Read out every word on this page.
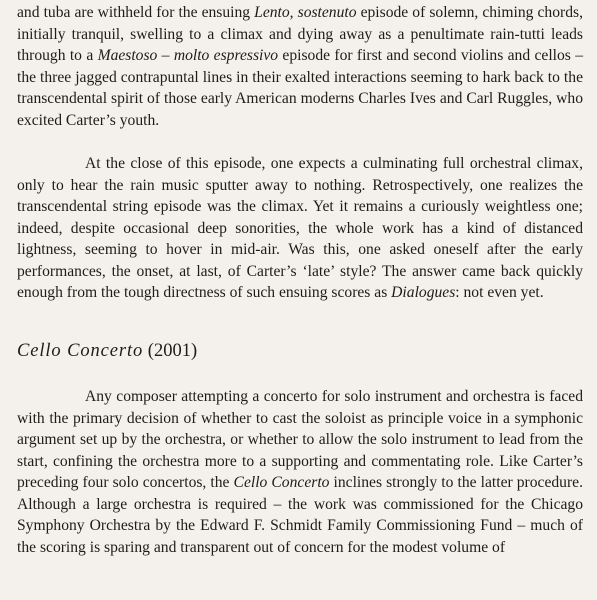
and tuba are withheld for the ensuing Lento, sostenuto episode of solemn, chiming chords, initially tranquil, swelling to a climax and dying away as a penultimate rain-tutti leads through to a Maestoso – molto espressivo episode for first and second violins and cellos – the three jagged contrapuntal lines in their exalted interactions seeming to hark back to the transcendental spirit of those early American moderns Charles Ives and Carl Ruggles, who excited Carter’s youth.

At the close of this episode, one expects a culminating full orchestral climax, only to hear the rain music sputter away to nothing. Retrospectively, one realizes the transcendental string episode was the climax. Yet it remains a curiously weightless one; indeed, despite occasional deep sonorities, the whole work has a kind of distanced lightness, seeming to hover in mid-air. Was this, one asked oneself after the early performances, the onset, at last, of Carter’s ‘late’ style? The answer came back quickly enough from the tough directness of such ensuing scores as Dialogues: not even yet.

Cello Concerto (2001)

Any composer attempting a concerto for solo instrument and orchestra is faced with the primary decision of whether to cast the soloist as principle voice in a symphonic argument set up by the orchestra, or whether to allow the solo instrument to lead from the start, confining the orchestra more to a supporting and commentating role. Like Carter’s preceding four solo concertos, the Cello Concerto inclines strongly to the latter procedure. Although a large orchestra is required – the work was commissioned for the Chicago Symphony Orchestra by the Edward F. Schmidt Family Commissioning Fund – much of the scoring is sparing and transparent out of concern for the modest volume of
